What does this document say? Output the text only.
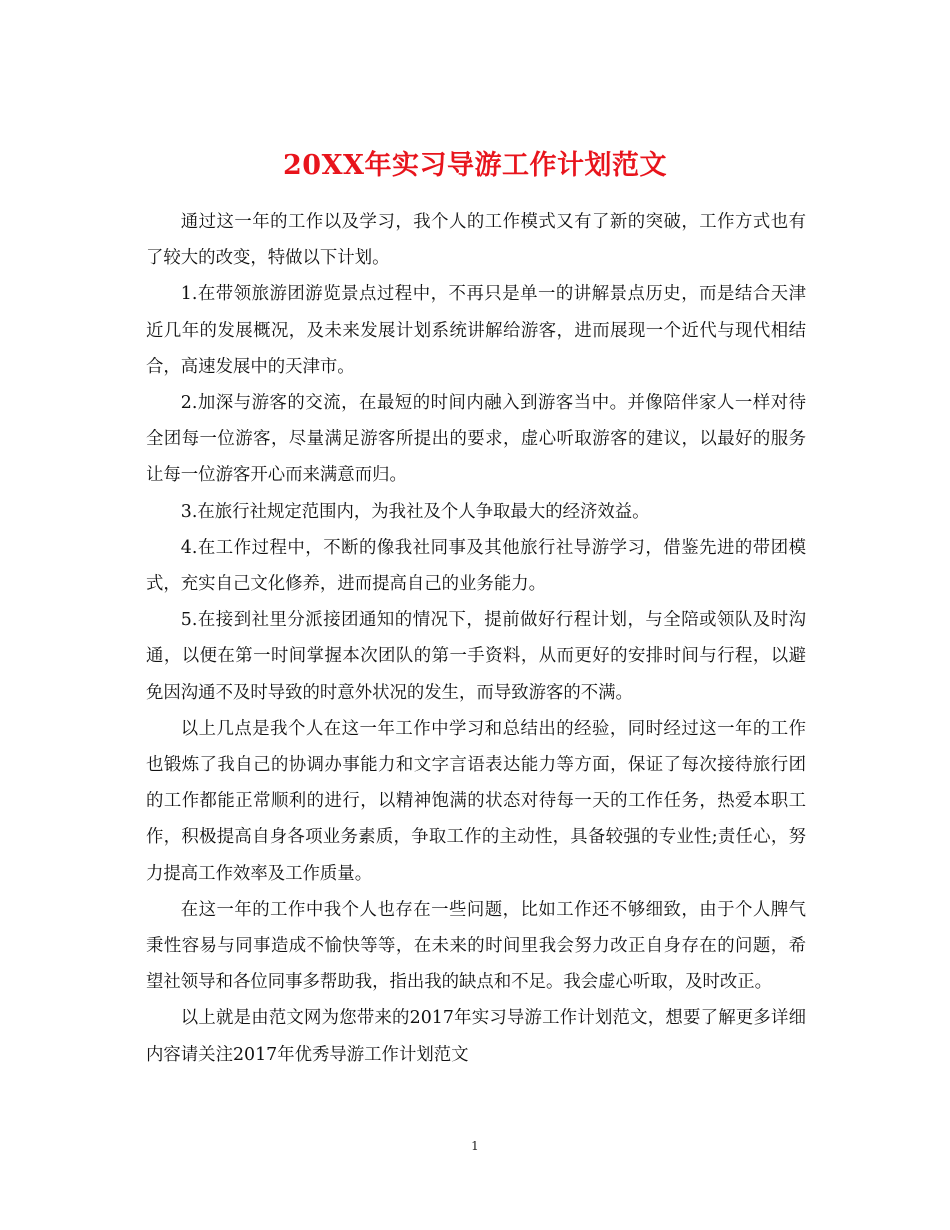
20XX年实习导游工作计划范文

通过这一年的工作以及学习，我个人的工作模式又有了新的突破，工作方式也有了较大的改变，特做以下计划。

1.在带领旅游团游览景点过程中，不再只是单一的讲解景点历史，而是结合天津近几年的发展概况，及未来发展计划系统讲解给游客，进而展现一个近代与现代相结合，高速发展中的天津市。

2.加深与游客的交流，在最短的时间内融入到游客当中。并像陪伴家人一样对待全团每一位游客，尽量满足游客所提出的要求，虚心听取游客的建议，以最好的服务让每一位游客开心而来满意而归。

3.在旅行社规定范围内，为我社及个人争取最大的经济效益。

4.在工作过程中，不断的像我社同事及其他旅行社导游学习，借鉴先进的带团模式，充实自己文化修养，进而提高自己的业务能力。

5.在接到社里分派接团通知的情况下，提前做好行程计划，与全陪或领队及时沟通，以便在第一时间掌握本次团队的第一手资料，从而更好的安排时间与行程，以避免因沟通不及时导致的时意外状况的发生，而导致游客的不满。

以上几点是我个人在这一年工作中学习和总结出的经验，同时经过这一年的工作也锻炼了我自己的协调办事能力和文字言语表达能力等方面，保证了每次接待旅行团的工作都能正常顺利的进行，以精神饱满的状态对待每一天的工作任务，热爱本职工作，积极提高自身各项业务素质，争取工作的主动性，具备较强的专业性;责任心，努力提高工作效率及工作质量。

在这一年的工作中我个人也存在一些问题，比如工作还不够细致，由于个人脾气秉性容易与同事造成不愉快等等，在未来的时间里我会努力改正自身存在的问题，希望社领导和各位同事多帮助我，指出我的缺点和不足。我会虚心听取，及时改正。

以上就是由范文网为您带来的2017年实习导游工作计划范文，想要了解更多详细内容请关注2017年优秀导游工作计划范文

1
